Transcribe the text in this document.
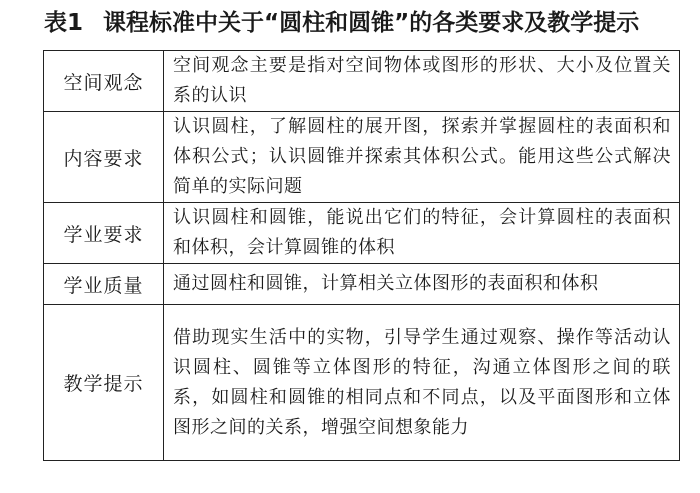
表1 课程标准中关于“圆柱和圆锥”的各类要求及教学提示
空间观念	空间观念主要是指对空间物体或图形的形状、大小及位置关系的认识
内容要求	认识圆柱，了解圆柱的展开图，探索并掌握圆柱的表面积和体积公式；认识圆锥并探索其体积公式。能用这些公式解决简单的实际问题
学业要求	认识圆柱和圆锥，能说出它们的特征，会计算圆柱的表面积和体积，会计算圆锥的体积
学业质量	通过圆柱和圆锥，计算相关立体图形的表面积和体积
教学提示	借助现实生活中的实物，引导学生通过观察、操作等活动认识圆柱、圆锥等立体图形的特征，沟通立体图形之间的联系，如圆柱和圆锥的相同点和不同点，以及平面图形和立体图形之间的关系，增强空间想象能力
